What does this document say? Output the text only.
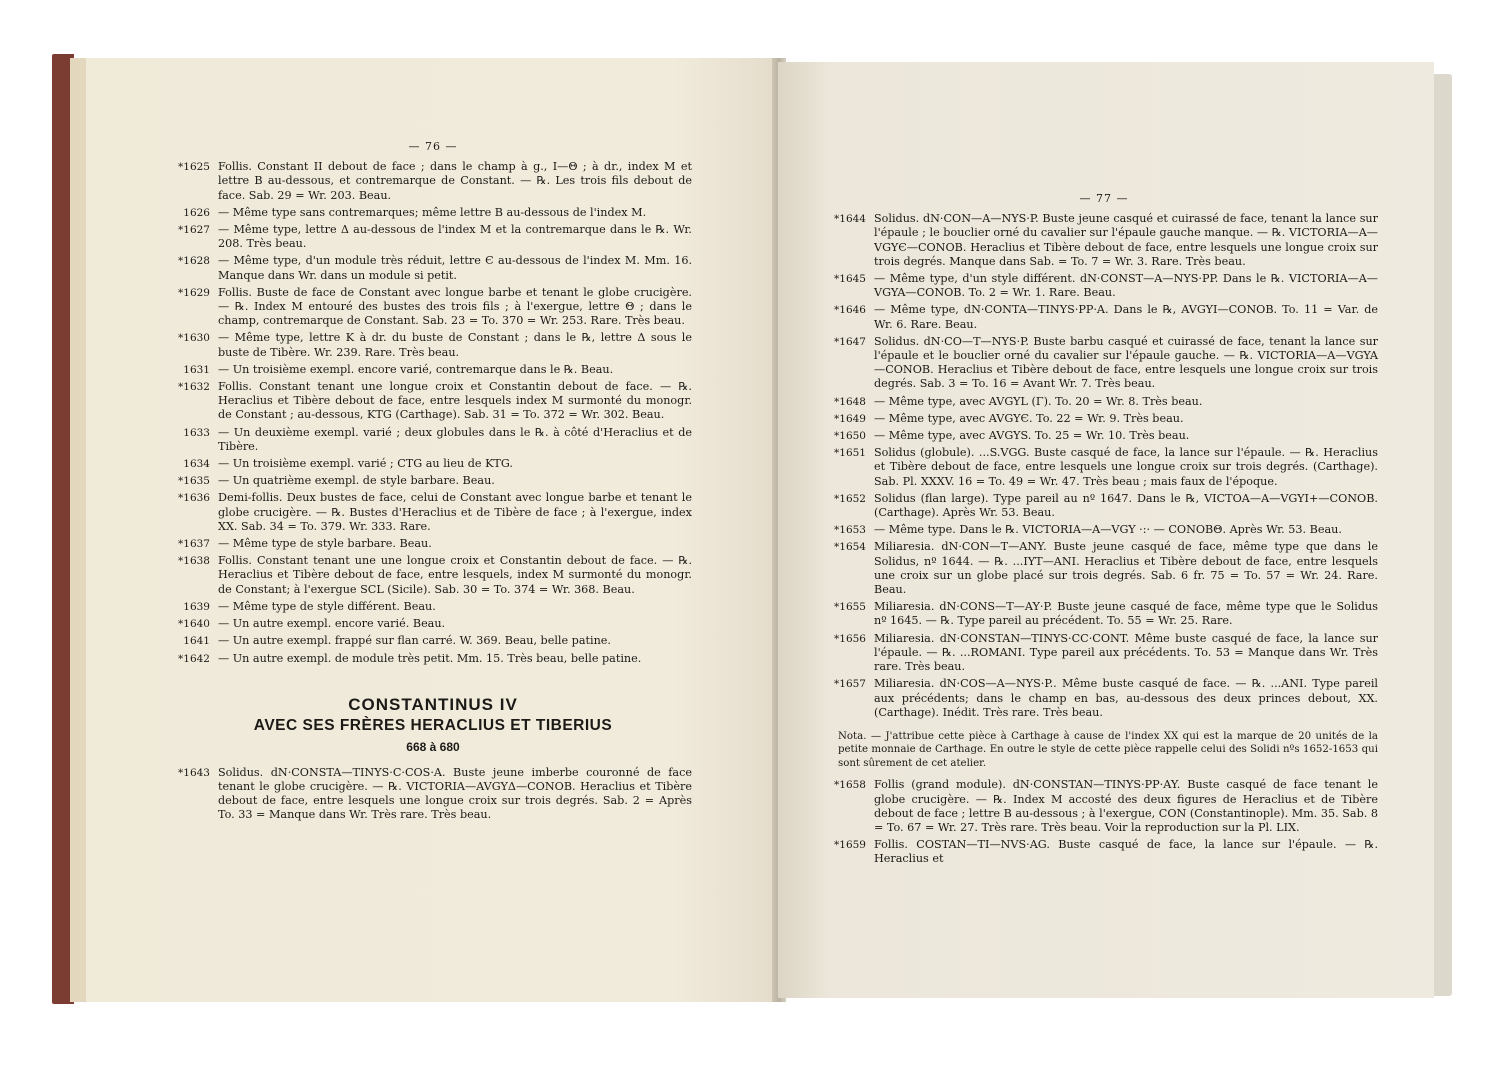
— 76 —
*1625 Follis. Constant II debout de face ; dans le champ à g., I—Θ ; à dr., index M et lettre B au-dessous, et contremarque de Constant. — ℞. Les trois fils debout de face. Sab. 29 = Wr. 203. Beau.
1626 — Même type sans contremarques; même lettre B au-dessous de l'index M.
*1627 — Même type, lettre Δ au-dessous de l'index M et la contremarque dans le ℞. Wr. 208. Très beau.
*1628 — Même type, d'un module très réduit, lettre Є au-dessous de l'index M. Mm. 16. Manque dans Wr. dans un module si petit.
*1629 Follis. Buste de face de Constant avec longue barbe et tenant le globe crucigère. — ℞. Index M entouré des bustes des trois fils ; à l'exergue, lettre Θ ; dans le champ, contremarque de Constant. Sab. 23 = To. 370 = Wr. 253. Rare. Très beau.
*1630 — Même type, lettre K à dr. du buste de Constant ; dans le ℞, lettre Δ sous le buste de Tibère. Wr. 239. Rare. Très beau.
1631 — Un troisième exempl. encore varié, contremarque dans le ℞. Beau.
*1632 Follis. Constant tenant une longue croix et Constantin debout de face. — ℞. Heraclius et Tibère debout de face, entre lesquels index M surmonté du monogr. de Constant ; au-dessous, KTG (Carthage). Sab. 31 = To. 372 = Wr. 302. Beau.
1633 — Un deuxième exempl. varié ; deux globules dans le ℞. à côté d'Heraclius et de Tibère.
1634 — Un troisième exempl. varié ; CTG au lieu de KTG.
*1635 — Un quatrième exempl. de style barbare. Beau.
*1636 Demi-follis. Deux bustes de face, celui de Constant avec longue barbe et tenant le globe crucigère. — ℞. Bustes d'Heraclius et de Tibère de face ; à l'exergue, index XX. Sab. 34 = To. 379. Wr. 333. Rare.
*1637 — Même type de style barbare. Beau.
*1638 Follis. Constant tenant une une longue croix et Constantin debout de face. — ℞. Heraclius et Tibère debout de face, entre lesquels, index M surmonté du monogr. de Constant; à l'exergue SCL (Sicile). Sab. 30 = To. 374 = Wr. 368. Beau.
1639 — Même type de style différent. Beau.
*1640 — Un autre exempl. encore varié. Beau.
1641 — Un autre exempl. frappé sur flan carré. W. 369. Beau, belle patine.
*1642 — Un autre exempl. de module très petit. Mm. 15. Très beau, belle patine.
CONSTANTINUS IV
AVEC SES FRÈRES HERACLIUS ET TIBERIUS
668 à 680
*1643 Solidus. dN·CONSTA—TINYS·C·COS·A. Buste jeune imberbe couronné de face tenant le globe crucigère. — ℞. VICTORIA—AVGYΔ—CONOB. Heraclius et Tibère debout de face, entre lesquels une longue croix sur trois degrés. Sab. 2 = Après To. 33 = Manque dans Wr. Très rare. Très beau.
— 77 —
*1644 Solidus. dN·CON—A—NYS·P. Buste jeune casqué et cuirassé de face, tenant la lance sur l'épaule ; le bouclier orné du cavalier sur l'épaule gauche manque. — ℞. VICTORIA—A—VGYЄ—CONOB. Heraclius et Tibère debout de face, entre lesquels une longue croix sur trois degrés. Manque dans Sab. = To. 7 = Wr. 3. Rare. Très beau.
*1645 — Même type, d'un style différent. dN·CONST—A—NYS·PP. Dans le ℞. VICTORIA—A—VGYA—CONOB. To. 2 = Wr. 1. Rare. Beau.
*1646 — Même type, dN·CONTA—TINYS·PP·A. Dans le ℞, AVGYI—CONOB. To. 11 = Var. de Wr. 6. Rare. Beau.
*1647 Solidus. dN·CO—T—NYS·P. Buste barbu casqué et cuirassé de face, tenant la lance sur l'épaule et le bouclier orné du cavalier sur l'épaule gauche. — ℞. VICTORIA—A—VGYA—CONOB. Heraclius et Tibère debout de face, entre lesquels une longue croix sur trois degrés. Sab. 3 = To. 16 = Avant Wr. 7. Très beau.
*1648 — Même type, avec AVGYL (Γ). To. 20 = Wr. 8. Très beau.
*1649 — Même type, avec AVGYЄ. To. 22 = Wr. 9. Très beau.
*1650 — Même type, avec AVGYS. To. 25 = Wr. 10. Très beau.
*1651 Solidus (globule). ...S.VGG. Buste casqué de face, la lance sur l'épaule. — ℞. Heraclius et Tibère debout de face, entre lesquels une longue croix sur trois degrés. (Carthage). Sab. Pl. XXXV. 16 = To. 49 = Wr. 47. Très beau ; mais faux de l'époque.
*1652 Solidus (flan large). Type pareil au nº 1647. Dans le ℞, VICTOA—A—VGYI+—CONOB. (Carthage). Après Wr. 53. Beau.
*1653 — Même type. Dans le ℞. VICTORIA—A—VGY ·:· — CONOBΘ. Après Wr. 53. Beau.
*1654 Miliaresia. dN·CON—T—ANY. Buste jeune casqué de face, même type que dans le Solidus, nº 1644. — ℞. ...IYT—ANI. Heraclius et Tibère debout de face, entre lesquels une croix sur un globe placé sur trois degrés. Sab. 6 fr. 75 = To. 57 = Wr. 24. Rare. Beau.
*1655 Miliaresia. dN·CONS—T—AY·P. Buste jeune casqué de face, même type que le Solidus nº 1645. — ℞. Type pareil au précédent. To. 55 = Wr. 25. Rare.
*1656 Miliaresia. dN·CONSTAN—TINYS·CC·CONT. Même buste casqué de face, la lance sur l'épaule. — ℞. ...ROMANI. Type pareil aux précédents. To. 53 = Manque dans Wr. Très rare. Très beau.
*1657 Miliaresia. dN·COS—A—NYS·P.. Même buste casqué de face. — ℞. ...ANI. Type pareil aux précédents; dans le champ en bas, au-dessous des deux princes debout, XX. (Carthage). Inédit. Très rare. Très beau.
Nota. — J'attribue cette pièce à Carthage à cause de l'index XX qui est la marque de 20 unités de la petite monnaie de Carthage. En outre le style de cette pièce rappelle celui des Solidi nºs 1652-1653 qui sont sûrement de cet atelier.
*1658 Follis (grand module). dN·CONSTAN—TINYS·PP·AY. Buste casqué de face tenant le globe crucigère. — ℞. Index M accosté des deux figures de Heraclius et de Tibère debout de face ; lettre B au-dessous ; à l'exergue, CON (Constantinople). Mm. 35. Sab. 8 = To. 67 = Wr. 27. Très rare. Très beau. Voir la reproduction sur la Pl. LIX.
*1659 Follis. COSTAN—TI—NVS·AG. Buste casqué de face, la lance sur l'épaule. — ℞. Heraclius et
